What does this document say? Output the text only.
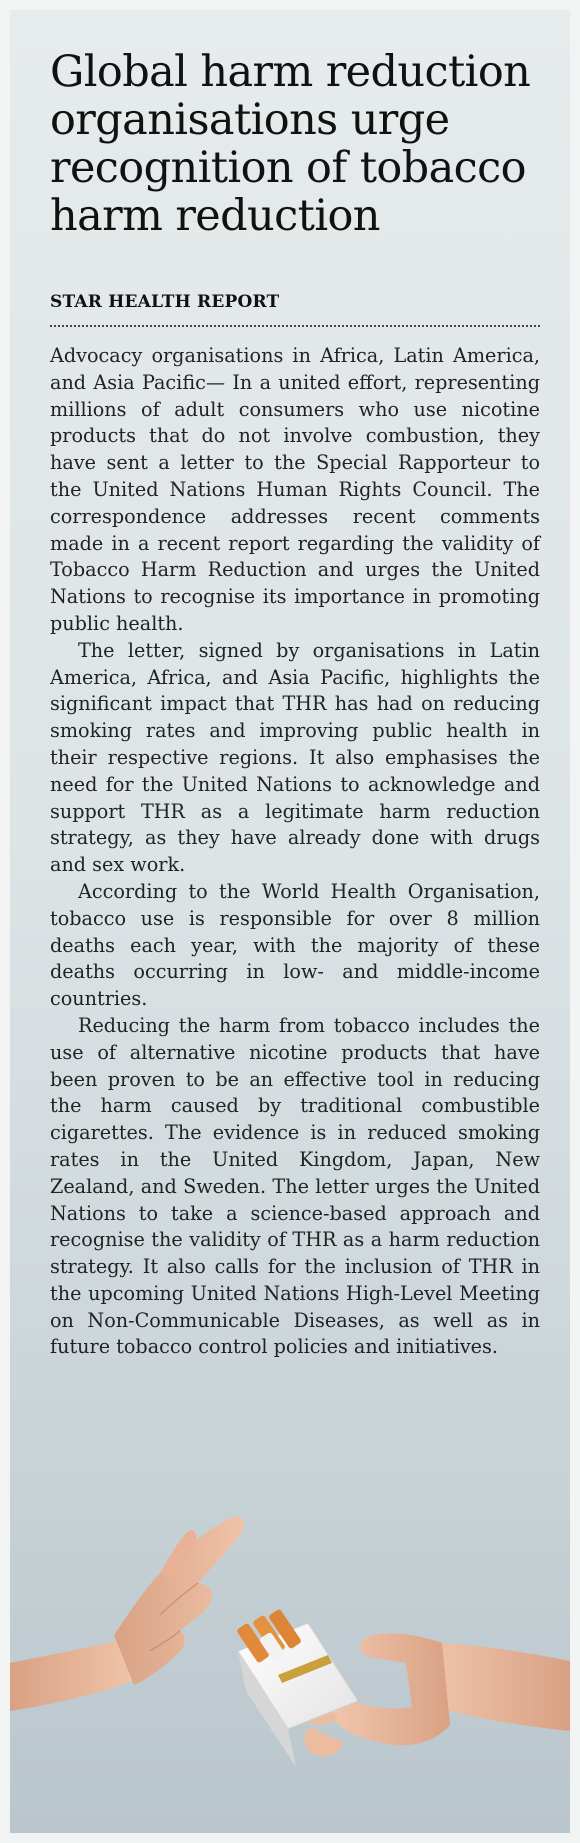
Global harm reduction organisations urge recognition of tobacco harm reduction
STAR HEALTH REPORT

Advocacy organisations in Africa, Latin America, and Asia Pacific— In a united effort, representing millions of adult consumers who use nicotine products that do not involve combustion, they have sent a letter to the Special Rapporteur to the United Nations Human Rights Council. The correspondence addresses recent comments made in a recent report regarding the validity of Tobacco Harm Reduction and urges the United Nations to recognise its importance in promoting public health.

The letter, signed by organisations in Latin America, Africa, and Asia Pacific, highlights the significant impact that THR has had on reducing smoking rates and improving public health in their respective regions. It also emphasises the need for the United Nations to acknowledge and support THR as a legitimate harm reduction strategy, as they have already done with drugs and sex work.

According to the World Health Organisation, tobacco use is responsible for over 8 million deaths each year, with the majority of these deaths occurring in low- and middle-income countries.

Reducing the harm from tobacco includes the use of alternative nicotine products that have been proven to be an effective tool in reducing the harm caused by traditional combustible cigarettes. The evidence is in reduced smoking rates in the United Kingdom, Japan, New Zealand, and Sweden. The letter urges the United Nations to take a science-based approach and recognise the validity of THR as a harm reduction strategy. It also calls for the inclusion of THR in the upcoming United Nations High-Level Meeting on Non-Communicable Diseases, as well as in future tobacco control policies and initiatives.
